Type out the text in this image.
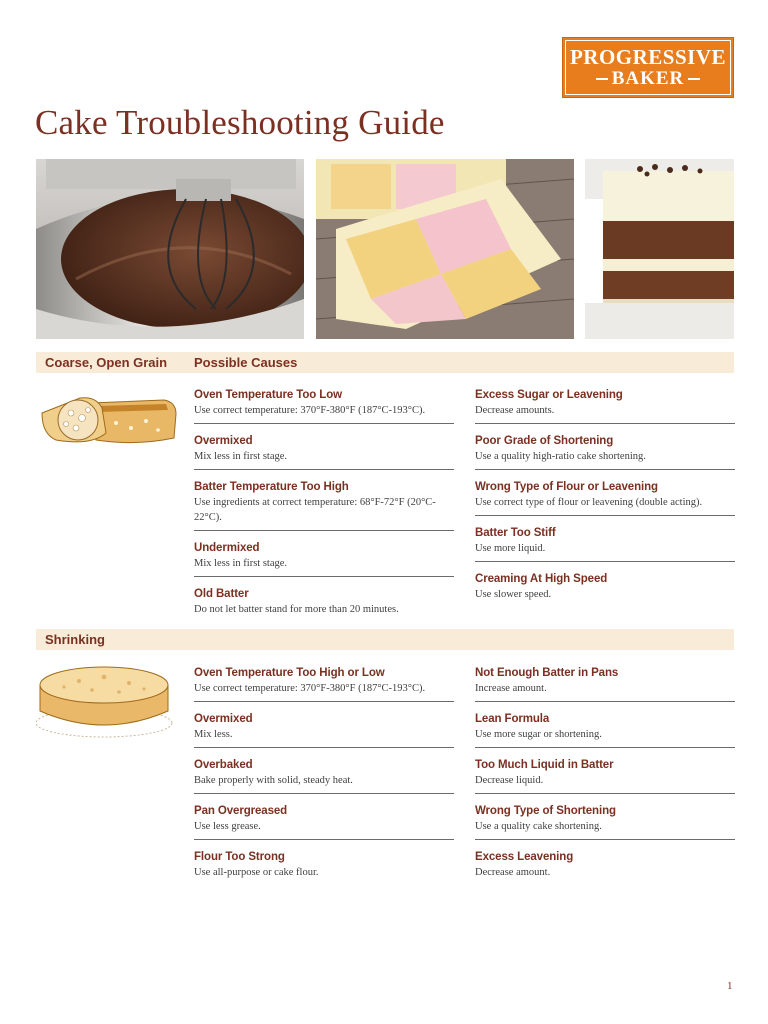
PROGRESSIVE
BAKER
Cake Troubleshooting Guide
Coarse, Open Grain Possible Causes
Oven Temperature Too Low
Use correct temperature: 370°F-380°F (187°C-193°C).
Overmixed
Mix less in first stage.
Batter Temperature Too High
Use ingredients at correct temperature: 68°F-72°F (20°C-22°C).
Undermixed
Mix less in first stage.
Old Batter
Do not let batter stand for more than 20 minutes.
Excess Sugar or Leavening
Decrease amounts.
Poor Grade of Shortening
Use a quality high-ratio cake shortening.
Wrong Type of Flour or Leavening
Use correct type of flour or leavening (double acting).
Batter Too Stiff
Use more liquid.
Creaming At High Speed
Use slower speed.
Shrinking
Oven Temperature Too High or Low
Use correct temperature: 370°F-380°F (187°C-193°C).
Overmixed
Mix less.
Overbaked
Bake properly with solid, steady heat.
Pan Overgreased
Use less grease.
Flour Too Strong
Use all-purpose or cake flour.
Not Enough Batter in Pans
Increase amount.
Lean Formula
Use more sugar or shortening.
Too Much Liquid in Batter
Decrease liquid.
Wrong Type of Shortening
Use a quality cake shortening.
Excess Leavening
Decrease amount.
1
